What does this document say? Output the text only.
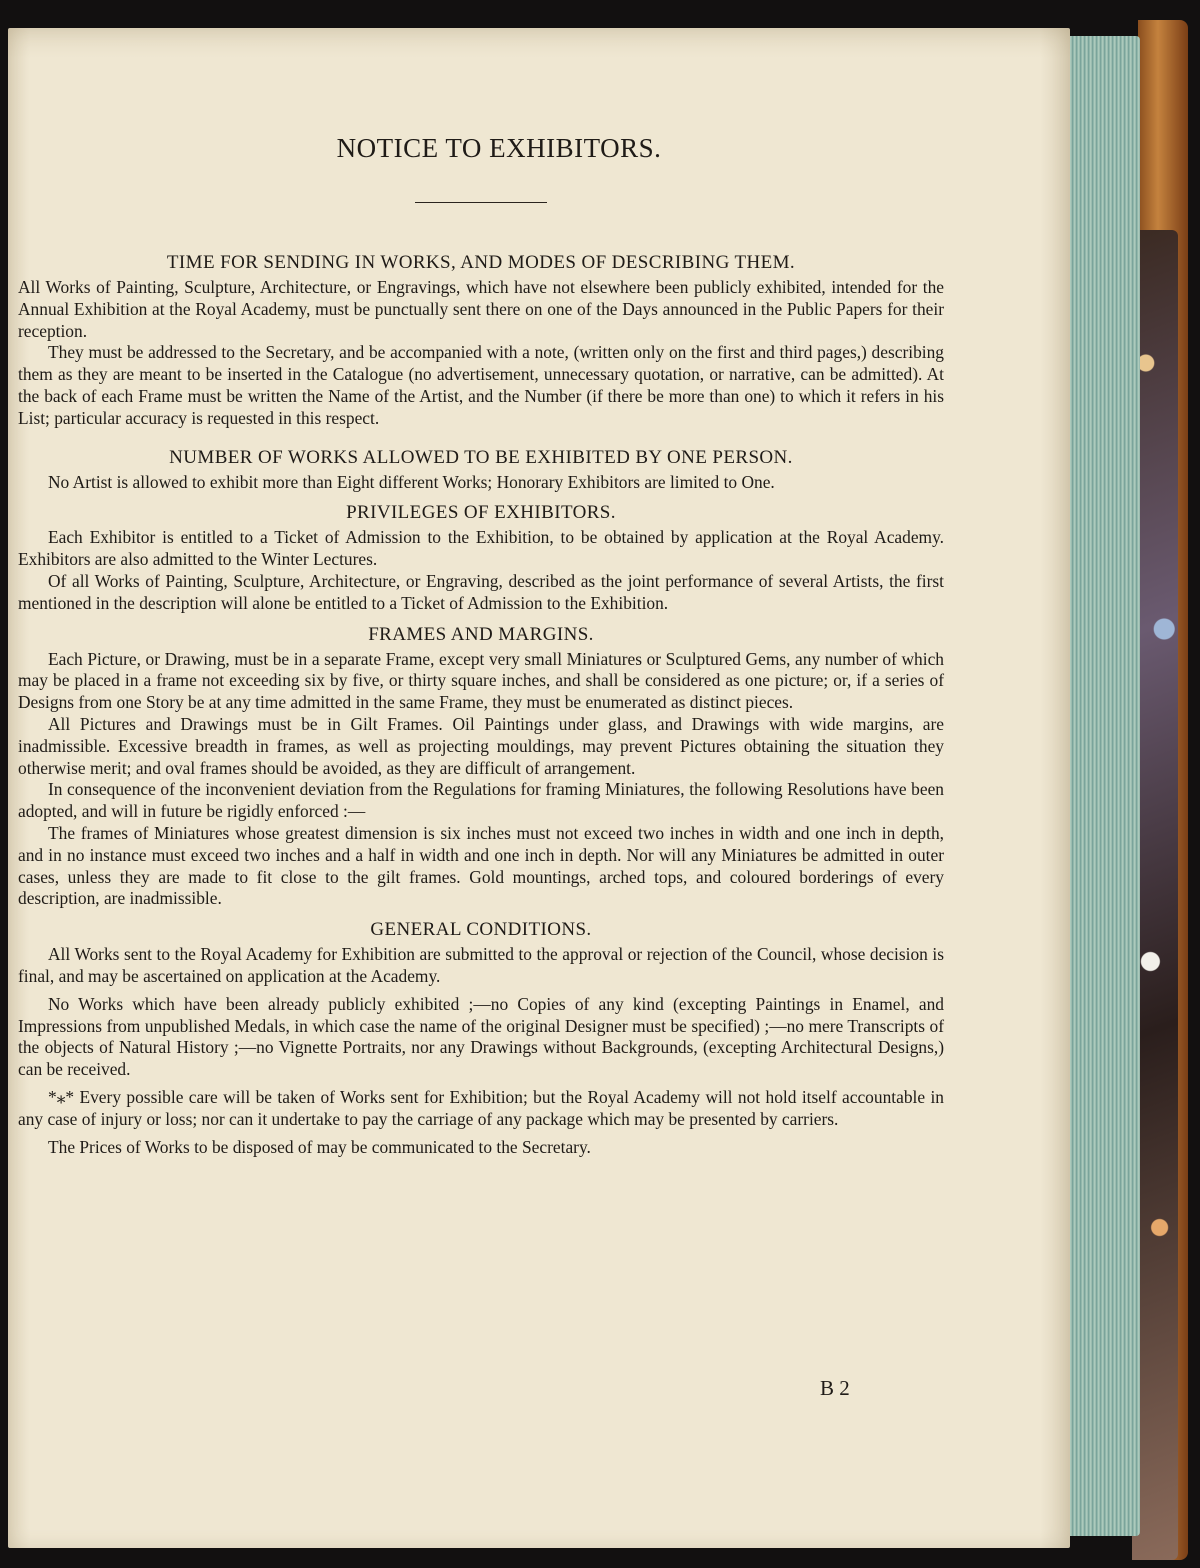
NOTICE TO EXHIBITORS.
TIME FOR SENDING IN WORKS, AND MODES OF DESCRIBING THEM.

All Works of Painting, Sculpture, Architecture, or Engravings, which have not elsewhere been publicly exhibited, intended for the Annual Exhibition at the Royal Academy, must be punctually sent there on one of the Days announced in the Public Papers for their reception.

They must be addressed to the Secretary, and be accompanied with a note, (written only on the first and third pages,) describing them as they are meant to be inserted in the Catalogue (no advertisement, unnecessary quotation, or narrative, can be admitted). At the back of each Frame must be written the Name of the Artist, and the Number (if there be more than one) to which it refers in his List; particular accuracy is requested in this respect.

NUMBER OF WORKS ALLOWED TO BE EXHIBITED BY ONE PERSON.

No Artist is allowed to exhibit more than Eight different Works; Honorary Exhibitors are limited to One.

PRIVILEGES OF EXHIBITORS.

Each Exhibitor is entitled to a Ticket of Admission to the Exhibition, to be obtained by application at the Royal Academy. Exhibitors are also admitted to the Winter Lectures.

Of all Works of Painting, Sculpture, Architecture, or Engraving, described as the joint performance of several Artists, the first mentioned in the description will alone be entitled to a Ticket of Admission to the Exhibition.

FRAMES AND MARGINS.

Each Picture, or Drawing, must be in a separate Frame, except very small Miniatures or Sculptured Gems, any number of which may be placed in a frame not exceeding six by five, or thirty square inches, and shall be considered as one picture; or, if a series of Designs from one Story be at any time admitted in the same Frame, they must be enumerated as distinct pieces.

All Pictures and Drawings must be in Gilt Frames. Oil Paintings under glass, and Drawings with wide margins, are inadmissible. Excessive breadth in frames, as well as projecting mouldings, may prevent Pictures obtaining the situation they otherwise merit; and oval frames should be avoided, as they are difficult of arrangement.

In consequence of the inconvenient deviation from the Regulations for framing Miniatures, the following Resolutions have been adopted, and will in future be rigidly enforced :—

The frames of Miniatures whose greatest dimension is six inches must not exceed two inches in width and one inch in depth, and in no instance must exceed two inches and a half in width and one inch in depth. Nor will any Miniatures be admitted in outer cases, unless they are made to fit close to the gilt frames. Gold mountings, arched tops, and coloured borderings of every description, are inadmissible.

GENERAL CONDITIONS.

All Works sent to the Royal Academy for Exhibition are submitted to the approval or rejection of the Council, whose decision is final, and may be ascertained on application at the Academy.

No Works which have been already publicly exhibited ;—no Copies of any kind (excepting Paintings in Enamel, and Impressions from unpublished Medals, in which case the name of the original Designer must be specified) ;—no mere Transcripts of the objects of Natural History ;—no Vignette Portraits, nor any Drawings without Backgrounds, (excepting Architectural Designs,) can be received.

*⁎* Every possible care will be taken of Works sent for Exhibition; but the Royal Academy will not hold itself accountable in any case of injury or loss; nor can it undertake to pay the carriage of any package which may be presented by carriers.

The Prices of Works to be disposed of may be communicated to the Secretary.

B 2
